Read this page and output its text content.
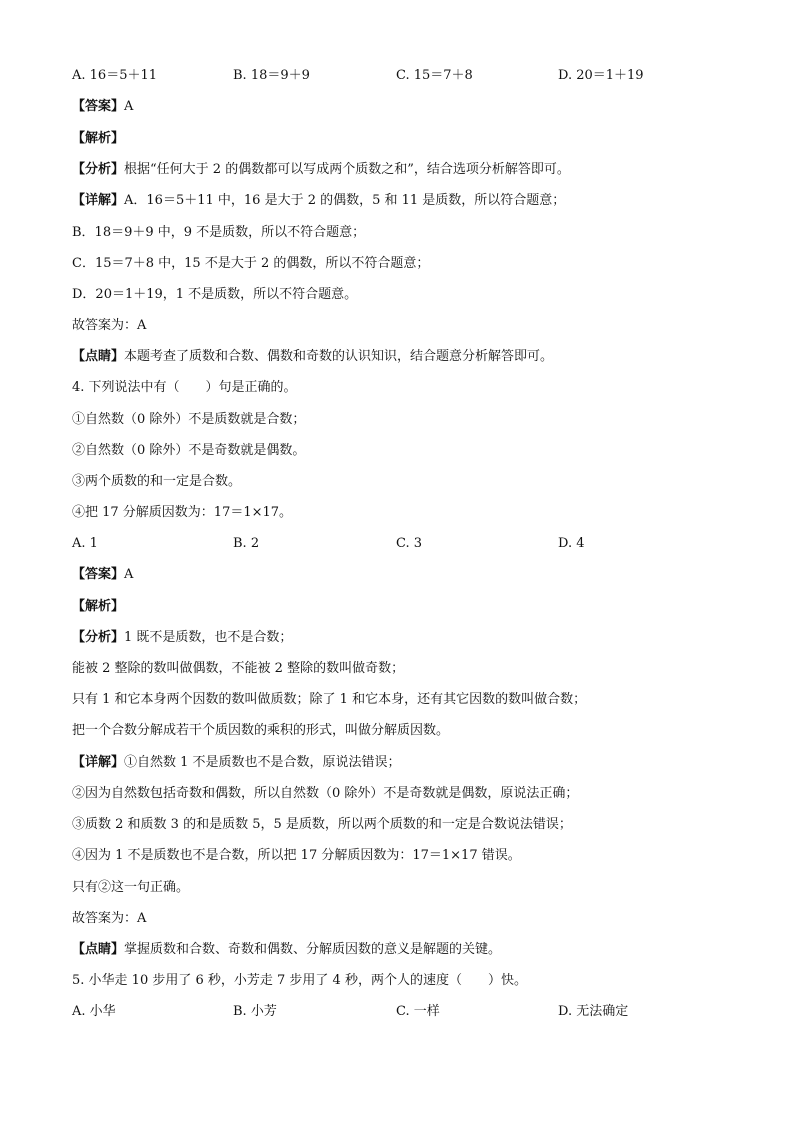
A. 16＝5＋11	B. 18＝9＋9	C. 15＝7＋8	D. 20＝1＋19
【答案】A
【解析】
【分析】根据“任何大于 2 的偶数都可以写成两个质数之和”，结合选项分析解答即可。
【详解】A．16＝5＋11 中，16 是大于 2 的偶数，5 和 11 是质数，所以符合题意；
B．18＝9＋9 中，9 不是质数，所以不符合题意；
C．15＝7＋8 中，15 不是大于 2 的偶数，所以不符合题意；
D．20＝1＋19，1 不是质数，所以不符合题意。
故答案为：A
【点睛】本题考查了质数和合数、偶数和奇数的认识知识，结合题意分析解答即可。
4. 下列说法中有（　　）句是正确的。
①自然数（0 除外）不是质数就是合数；
②自然数（0 除外）不是奇数就是偶数。
③两个质数的和一定是合数。
④把 17 分解质因数为：17＝1×17。
A. 1	B. 2	C. 3	D. 4
【答案】A
【解析】
【分析】1 既不是质数，也不是合数；
能被 2 整除的数叫做偶数，不能被 2 整除的数叫做奇数；
只有 1 和它本身两个因数的数叫做质数；除了 1 和它本身，还有其它因数的数叫做合数；
把一个合数分解成若干个质因数的乘积的形式，叫做分解质因数。
【详解】①自然数 1 不是质数也不是合数，原说法错误；
②因为自然数包括奇数和偶数，所以自然数（0 除外）不是奇数就是偶数，原说法正确；
③质数 2 和质数 3 的和是质数 5，5 是质数，所以两个质数的和一定是合数说法错误；
④因为 1 不是质数也不是合数，所以把 17 分解质因数为：17＝1×17 错误。
只有②这一句正确。
故答案为：A
【点睛】掌握质数和合数、奇数和偶数、分解质因数的意义是解题的关键。
5. 小华走 10 步用了 6 秒，小芳走 7 步用了 4 秒，两个人的速度（　　）快。
A. 小华	B. 小芳	C. 一样	D. 无法确定
